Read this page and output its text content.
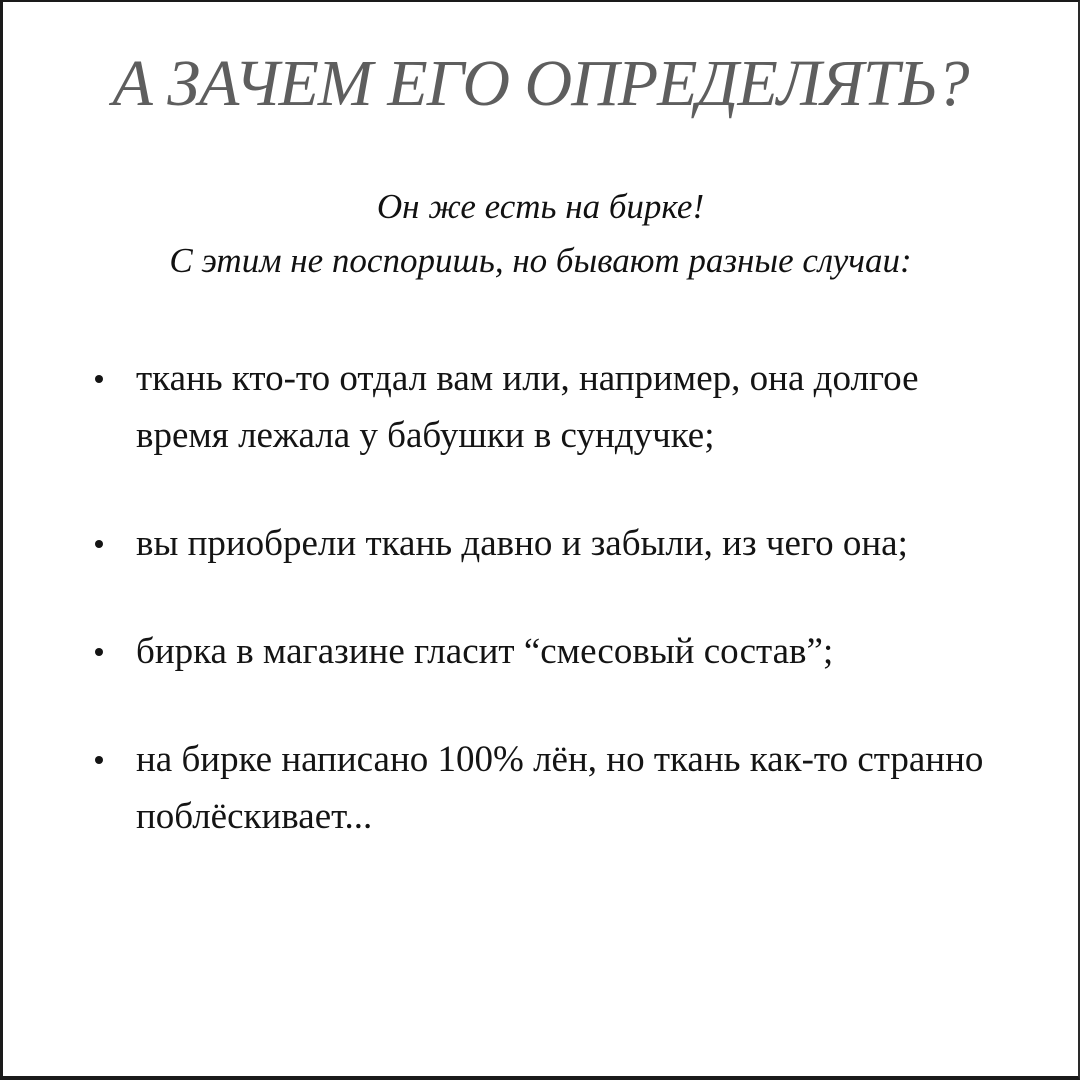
А ЗАЧЕМ ЕГО ОПРЕДЕЛЯТЬ?
Он же есть на бирке!
С этим не поспоришь, но бывают разные случаи:
ткань кто-то отдал вам или, например, она долгое время лежала у бабушки в сундучке;
вы приобрели ткань давно и забыли, из чего она;
бирка в магазине гласит “смесовый состав”;
на бирке написано 100% лён, но ткань как-то странно поблёскивает...
